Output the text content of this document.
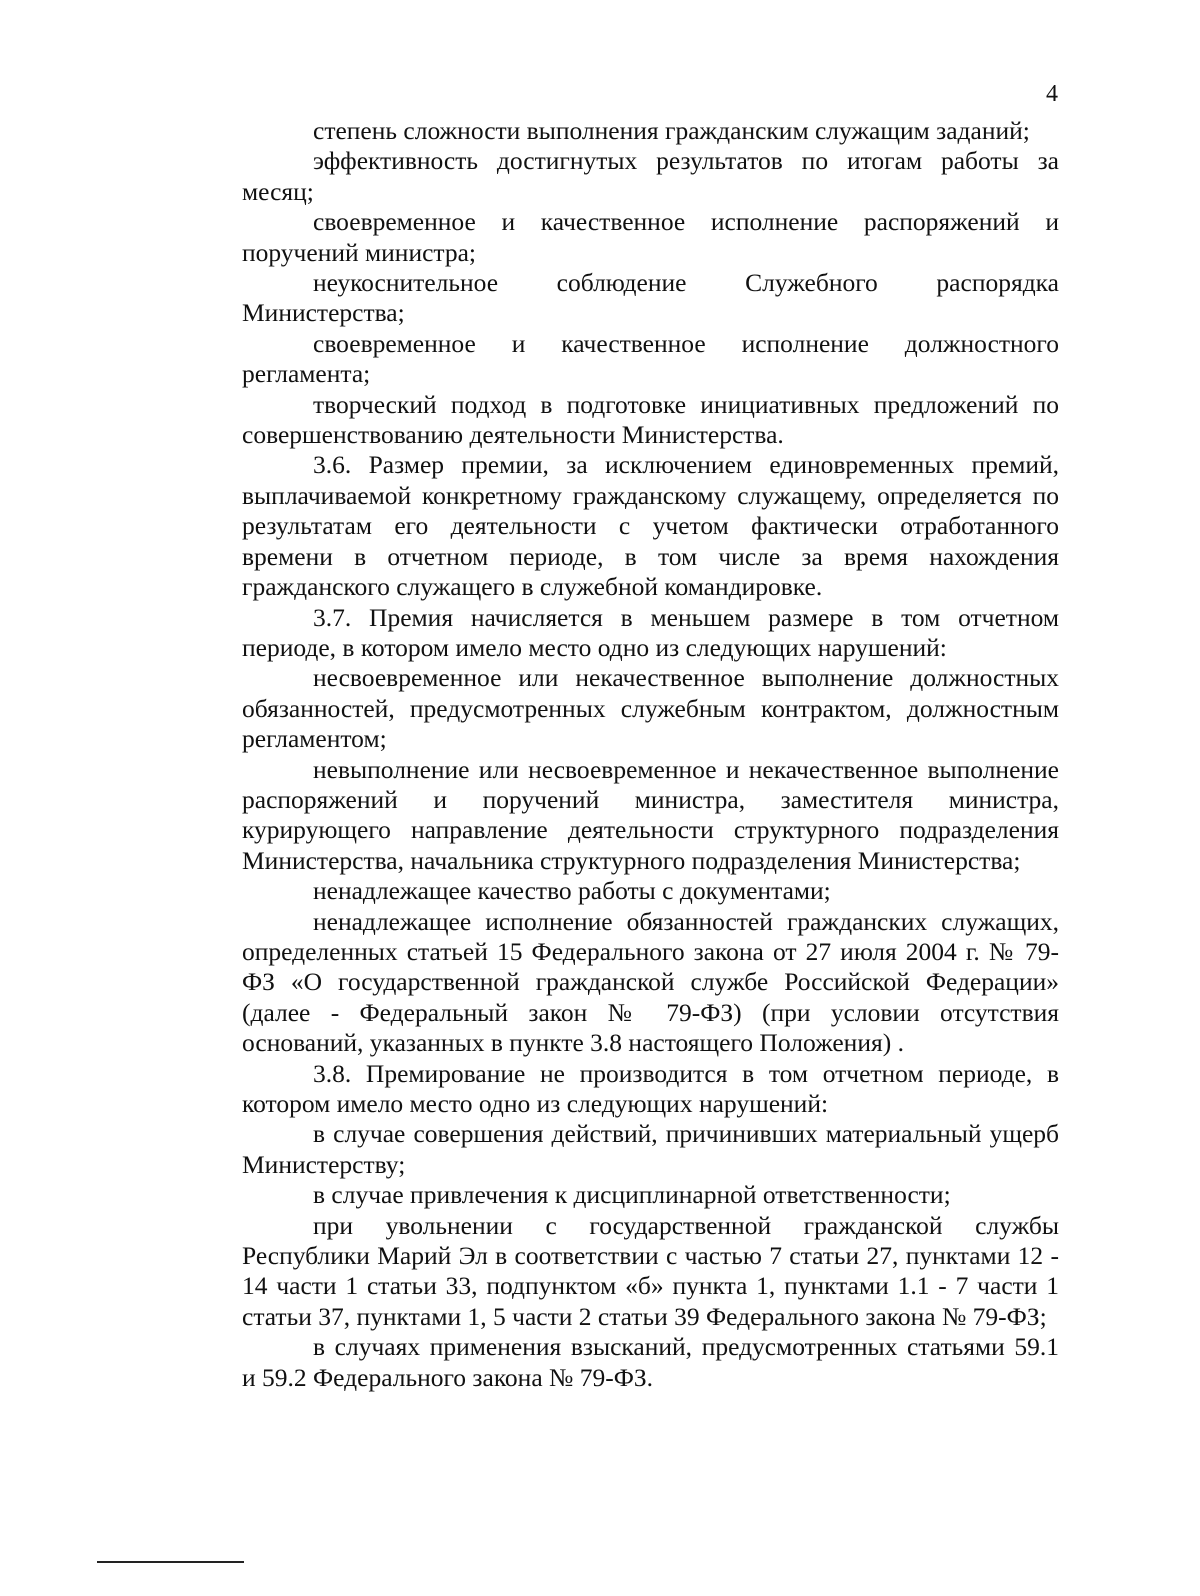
4

степень сложности выполнения гражданским служащим заданий;

эффективность достигнутых результатов по итогам работы за месяц;

своевременное и качественное исполнение распоряжений и поручений министра;

неукоснительное соблюдение Служебного распорядка Министерства;

своевременное и качественное исполнение должностного регламента;

творческий подход в подготовке инициативных предложений по совершенствованию деятельности Министерства.

3.6. Размер премии, за исключением единовременных премий, выплачиваемой конкретному гражданскому служащему, определяется по результатам его деятельности с учетом фактически отработанного времени в отчетном периоде, в том числе за время нахождения гражданского служащего в служебной командировке.

3.7. Премия начисляется в меньшем размере в том отчетном периоде, в котором имело место одно из следующих нарушений:

несвоевременное или некачественное выполнение должностных обязанностей, предусмотренных служебным контрактом, должностным регламентом;

невыполнение или несвоевременное и некачественное выполнение распоряжений и поручений министра, заместителя министра, курирующего направление деятельности структурного подразделения Министерства, начальника структурного подразделения Министерства;

ненадлежащее качество работы с документами;

ненадлежащее исполнение обязанностей гражданских служащих, определенных статьей 15 Федерального закона от 27 июля 2004 г. № 79-ФЗ «О государственной гражданской службе Российской Федерации» (далее - Федеральный закон № 79-ФЗ) (при условии отсутствия оснований, указанных в пункте 3.8 настоящего Положения) .

3.8. Премирование не производится в том отчетном периоде, в котором имело место одно из следующих нарушений:

в случае совершения действий, причинивших материальный ущерб Министерству;

в случае привлечения к дисциплинарной ответственности;

при увольнении с государственной гражданской службы Республики Марий Эл в соответствии с частью 7 статьи 27, пунктами 12 - 14 части 1 статьи 33, подпунктом «б» пункта 1, пунктами 1.1 - 7 части 1 статьи 37, пунктами 1, 5 части 2 статьи 39 Федерального закона № 79-ФЗ;

в случаях применения взысканий, предусмотренных статьями 59.1 и 59.2 Федерального закона № 79-ФЗ.
